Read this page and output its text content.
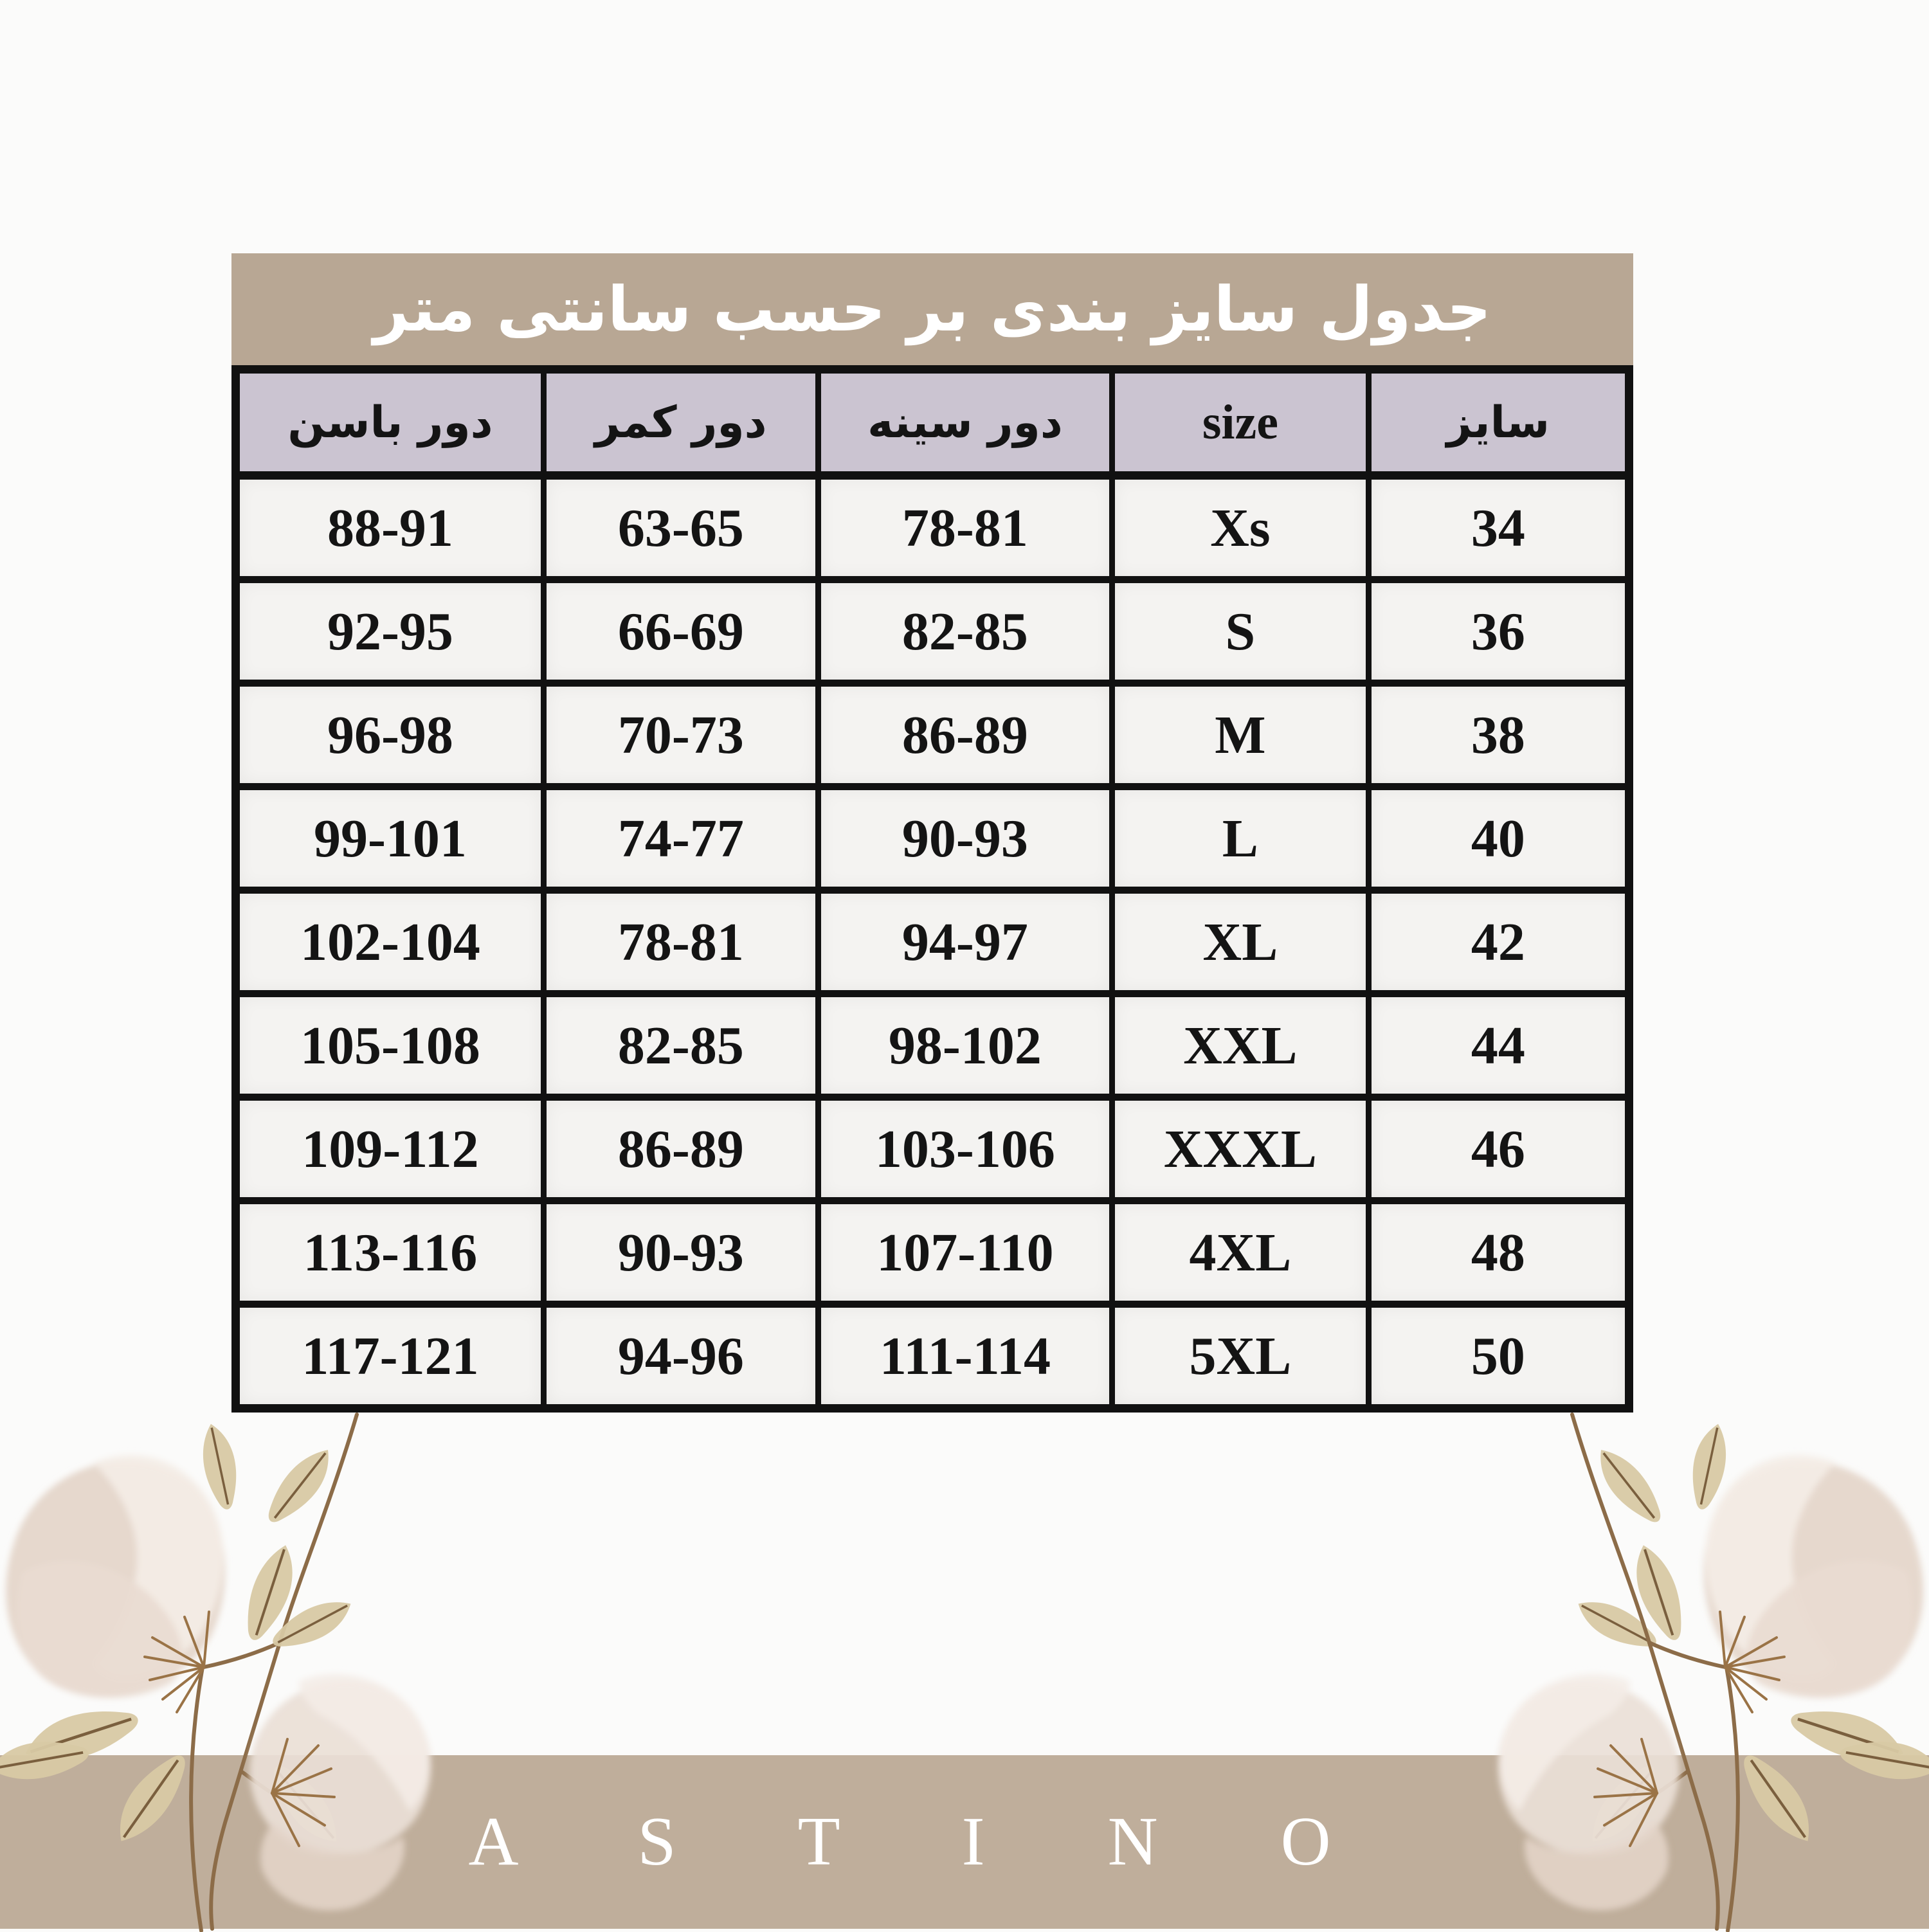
جدول سایز بندی بر حسب سانتی متر
دور باسن	دور کمر	دور سینه	size	سایز
88-91	63-65	78-81	Xs	34
92-95	66-69	82-85	S	36
96-98	70-73	86-89	M	38
99-101	74-77	90-93	L	40
102-104	78-81	94-97	XL	42
105-108	82-85	98-102	XXL	44
109-112	86-89	103-106	XXXL	46
113-116	90-93	107-110	4XL	48
117-121	94-96	111-114	5XL	50
A S T I N O
